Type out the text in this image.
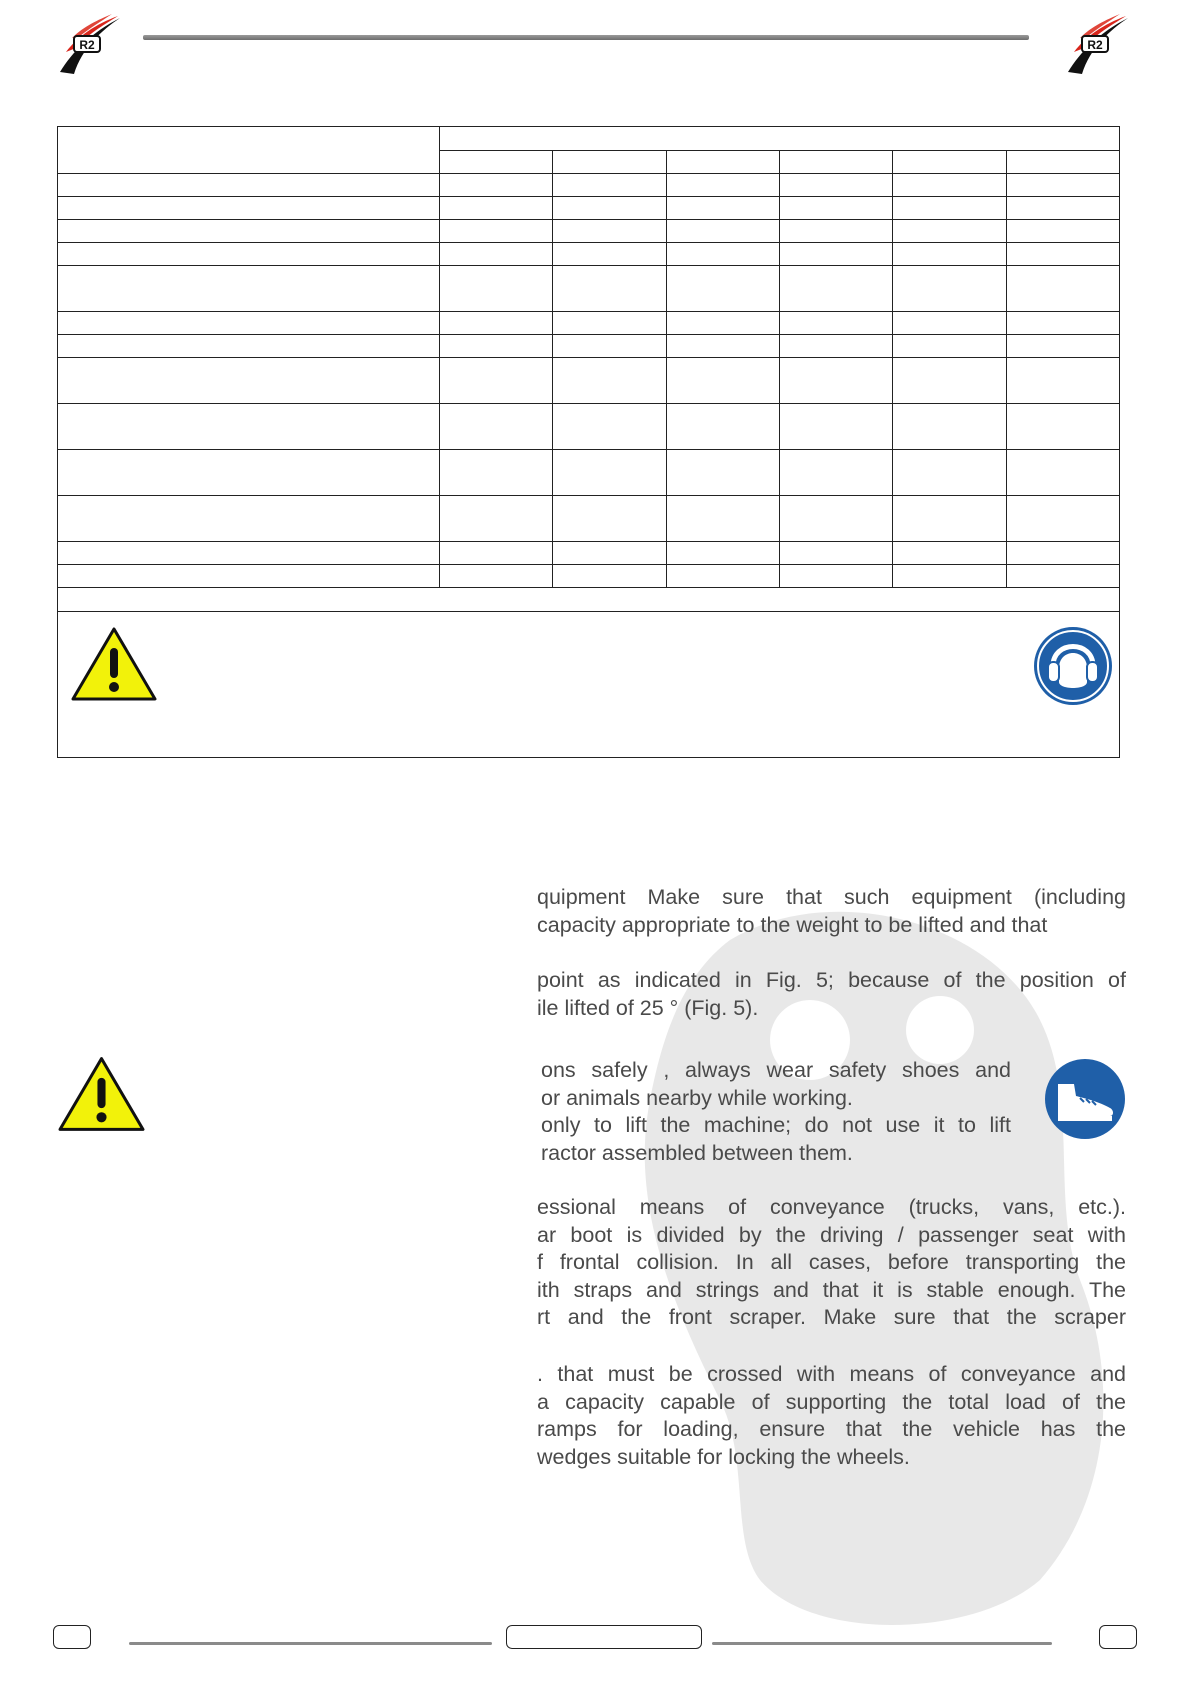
R2	R2

quipment Make sure that such equipment (including
capacity appropriate to the weight to be lifted and that
point as indicated in Fig. 5; because of the position of
ile lifted of 25 ° (Fig. 5).
ons safely , always wear safety shoes and
or animals nearby while working.
only to lift the machine; do not use it to lift
ractor assembled between them.
essional means of conveyance (trucks, vans, etc.).
ar boot is divided by the driving / passenger seat with
f frontal collision. In all cases, before transporting the
ith straps and strings and that it is stable enough. The
rt and the front scraper. Make sure that the scraper
. that must be crossed with means of conveyance and
a capacity capable of supporting the total load of the
ramps for loading, ensure that the vehicle has the
wedges suitable for locking the wheels.
